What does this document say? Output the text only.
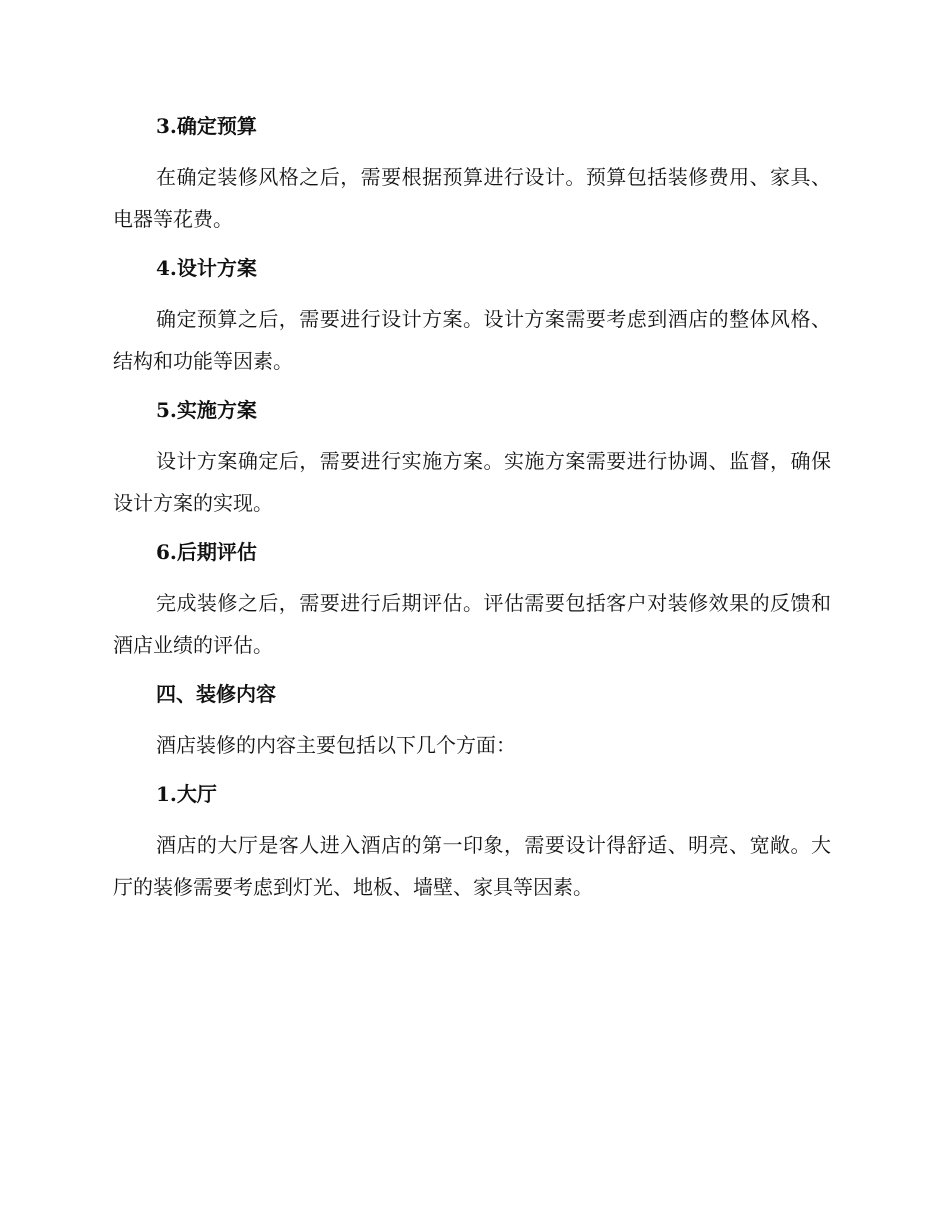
3.确定预算

在确定装修风格之后，需要根据预算进行设计。预算包括装修费用、家具、电器等花费。

4.设计方案

确定预算之后，需要进行设计方案。设计方案需要考虑到酒店的整体风格、结构和功能等因素。

5.实施方案

设计方案确定后，需要进行实施方案。实施方案需要进行协调、监督，确保设计方案的实现。

6.后期评估

完成装修之后，需要进行后期评估。评估需要包括客户对装修效果的反馈和酒店业绩的评估。

四、装修内容

酒店装修的内容主要包括以下几个方面：

1.大厅

酒店的大厅是客人进入酒店的第一印象，需要设计得舒适、明亮、宽敞。大厅的装修需要考虑到灯光、地板、墙壁、家具等因素。
